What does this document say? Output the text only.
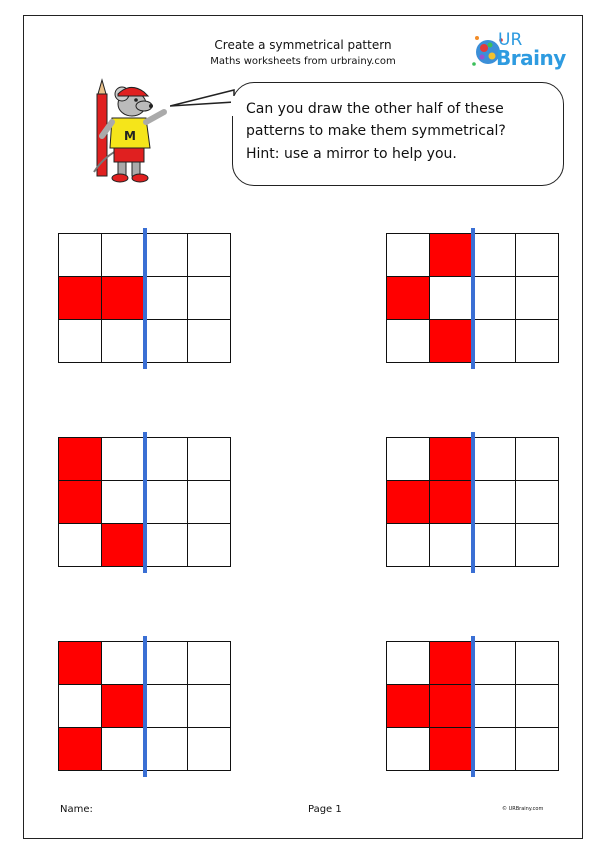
Create a symmetrical pattern
Maths worksheets from urbrainy.com
UR
Brainy
M
Can you draw the other half of these patterns to make them symmetrical?
Hint: use a mirror to help you.
Name:	Page 1	© URBrainy.com
